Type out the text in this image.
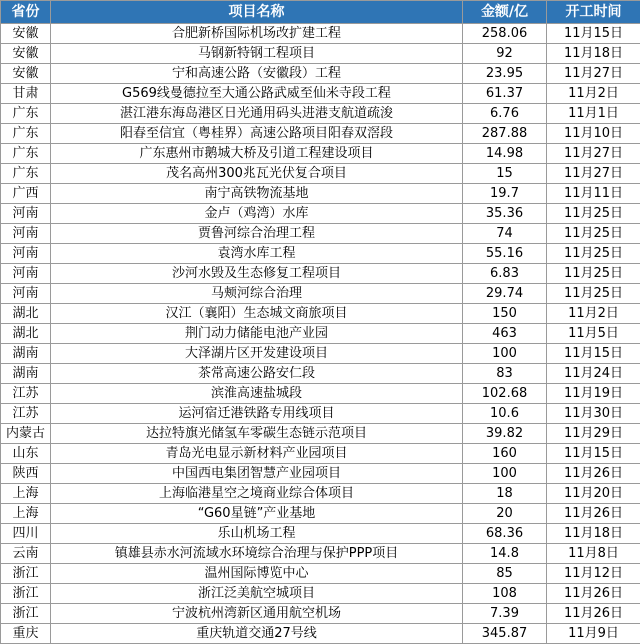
省份	项目名称	金额/亿	开工时间
安徽	合肥新桥国际机场改扩建工程	258.06	11月15日
安徽	马钢新特钢工程项目	92	11月18日
安徽	宁和高速公路（安徽段）工程	23.95	11月27日
甘肃	G569线曼德拉至大通公路武威至仙米寺段工程	61.37	11月2日
广东	湛江港东海岛港区日光通用码头进港支航道疏浚	6.76	11月1日
广东	阳春至信宜（粤桂界）高速公路项目阳春双滘段	287.88	11月10日
广东	广东惠州市鹅城大桥及引道工程建设项目	14.98	11月27日
广东	茂名高州300兆瓦光伏复合项目	15	11月27日
广西	南宁高铁物流基地	19.7	11月11日
河南	金卢（鸡湾）水库	35.36	11月25日
河南	贾鲁河综合治理工程	74	11月25日
河南	袁湾水库工程	55.16	11月25日
河南	沙河水毁及生态修复工程项目	6.83	11月25日
河南	马颊河综合治理	29.74	11月25日
湖北	汉江（襄阳）生态城文商旅项目	150	11月2日
湖北	荆门动力储能电池产业园	463	11月5日
湖南	大泽湖片区开发建设项目	100	11月15日
湖南	茶常高速公路安仁段	83	11月24日
江苏	滨淮高速盐城段	102.68	11月19日
江苏	运河宿迁港铁路专用线项目	10.6	11月30日
内蒙古	达拉特旗光储氢车零碳生态链示范项目	39.82	11月29日
山东	青岛光电显示新材料产业园项目	160	11月15日
陕西	中国西电集团智慧产业园项目	100	11月26日
上海	上海临港星空之境商业综合体项目	18	11月20日
上海	“G60星链”产业基地	20	11月26日
四川	乐山机场工程	68.36	11月18日
云南	镇雄县赤水河流域水环境综合治理与保护PPP项目	14.8	11月8日
浙江	温州国际博览中心	85	11月12日
浙江	浙江泛美航空城项目	108	11月26日
浙江	宁波杭州湾新区通用航空机场	7.39	11月26日
重庆	重庆轨道交通27号线	345.87	11月9日
